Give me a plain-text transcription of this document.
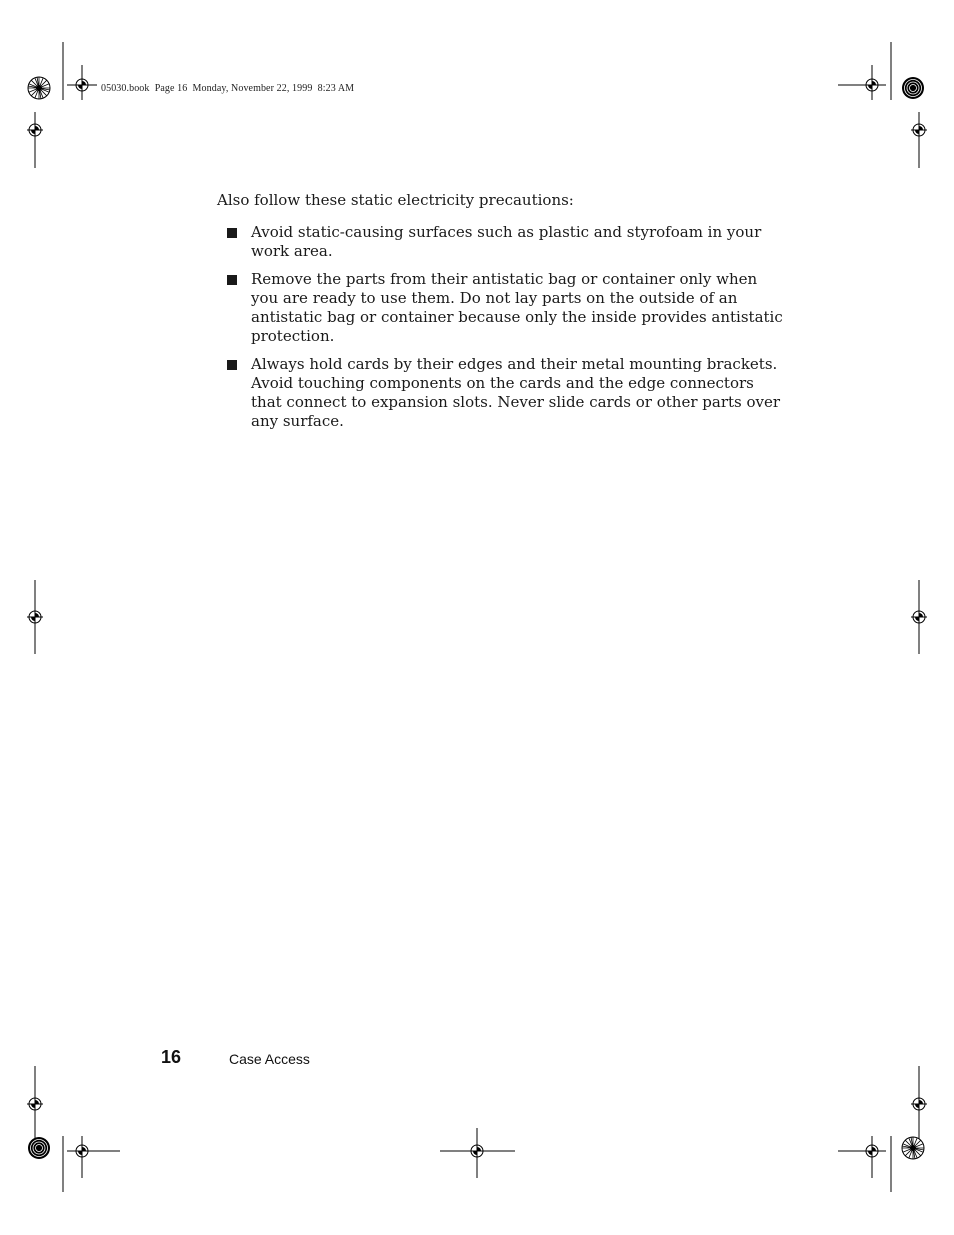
05030.book  Page 16  Monday, November 22, 1999  8:23 AM
Also follow these static electricity precautions:
Avoid static-causing surfaces such as plastic and styrofoam in your work area.
Remove the parts from their antistatic bag or container only when you are ready to use them. Do not lay parts on the outside of an antistatic bag or container because only the inside provides antistatic protection.
Always hold cards by their edges and their metal mounting brackets. Avoid touching components on the cards and the edge connectors that connect to expansion slots. Never slide cards or other parts over any surface.
16	Case Access
